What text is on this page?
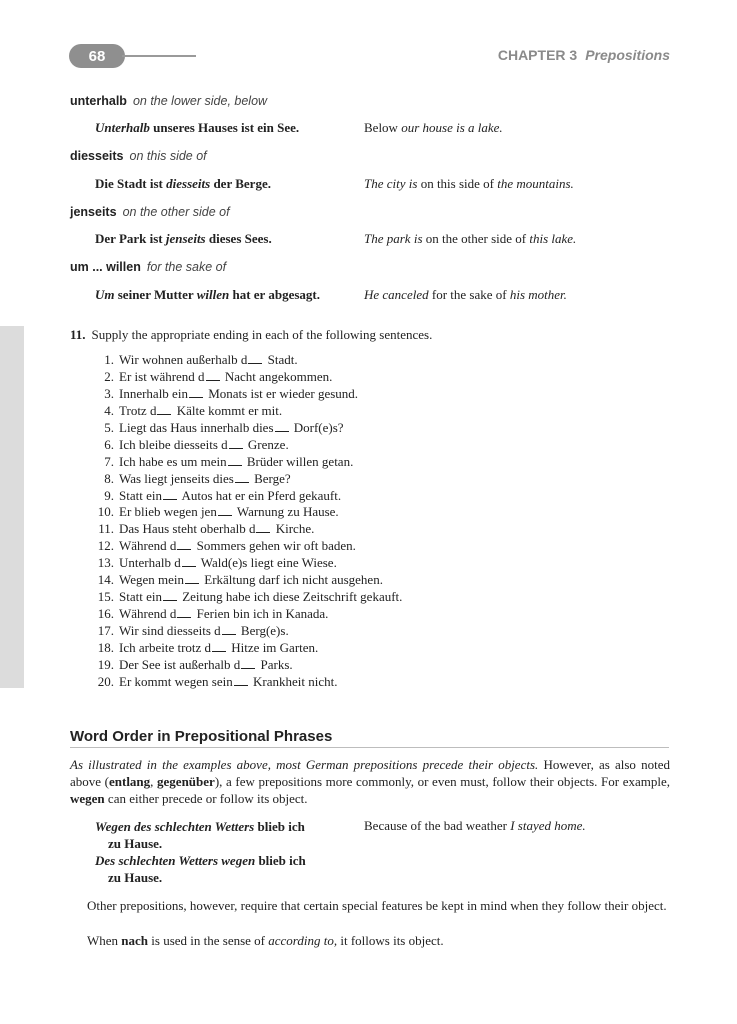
68	CHAPTER 3 Prepositions
unterhalb on the lower side, below
Unterhalb unseres Hauses ist ein See.	Below our house is a lake.
diesseits on this side of
Die Stadt ist diesseits der Berge.	The city is on this side of the mountains.
jenseits on the other side of
Der Park ist jenseits dieses Sees.	The park is on the other side of this lake.
um ... willen for the sake of
Um seiner Mutter willen hat er abgesagt.	He canceled for the sake of his mother.
11. Supply the appropriate ending in each of the following sentences.
1. Wir wohnen außerhalb d Stadt.
2. Er ist während d Nacht angekommen.
3. Innerhalb ein Monats ist er wieder gesund.
4. Trotz d Kälte kommt er mit.
5. Liegt das Haus innerhalb dies Dorf(e)s?
6. Ich bleibe diesseits d Grenze.
7. Ich habe es um mein Brüder willen getan.
8. Was liegt jenseits dies Berge?
9. Statt ein Autos hat er ein Pferd gekauft.
10. Er blieb wegen jen Warnung zu Hause.
11. Das Haus steht oberhalb d Kirche.
12. Während d Sommers gehen wir oft baden.
13. Unterhalb d Wald(e)s liegt eine Wiese.
14. Wegen mein Erkältung darf ich nicht ausgehen.
15. Statt ein Zeitung habe ich diese Zeitschrift gekauft.
16. Während d Ferien bin ich in Kanada.
17. Wir sind diesseits d Berg(e)s.
18. Ich arbeite trotz d Hitze im Garten.
19. Der See ist außerhalb d Parks.
20. Er kommt wegen sein Krankheit nicht.
Word Order in Prepositional Phrases
As illustrated in the examples above, most German prepositions precede their objects. However, as also noted above (entlang, gegenüber), a few prepositions more commonly, or even must, follow their objects. For example, wegen can either precede or follow its object.
Wegen des schlechten Wetters blieb ich
zu Hause.
Des schlechten Wetters wegen blieb ich
zu Hause.
Because of the bad weather I stayed home.
Other prepositions, however, require that certain special features be kept in mind when they follow their object.
When nach is used in the sense of according to, it follows its object.
